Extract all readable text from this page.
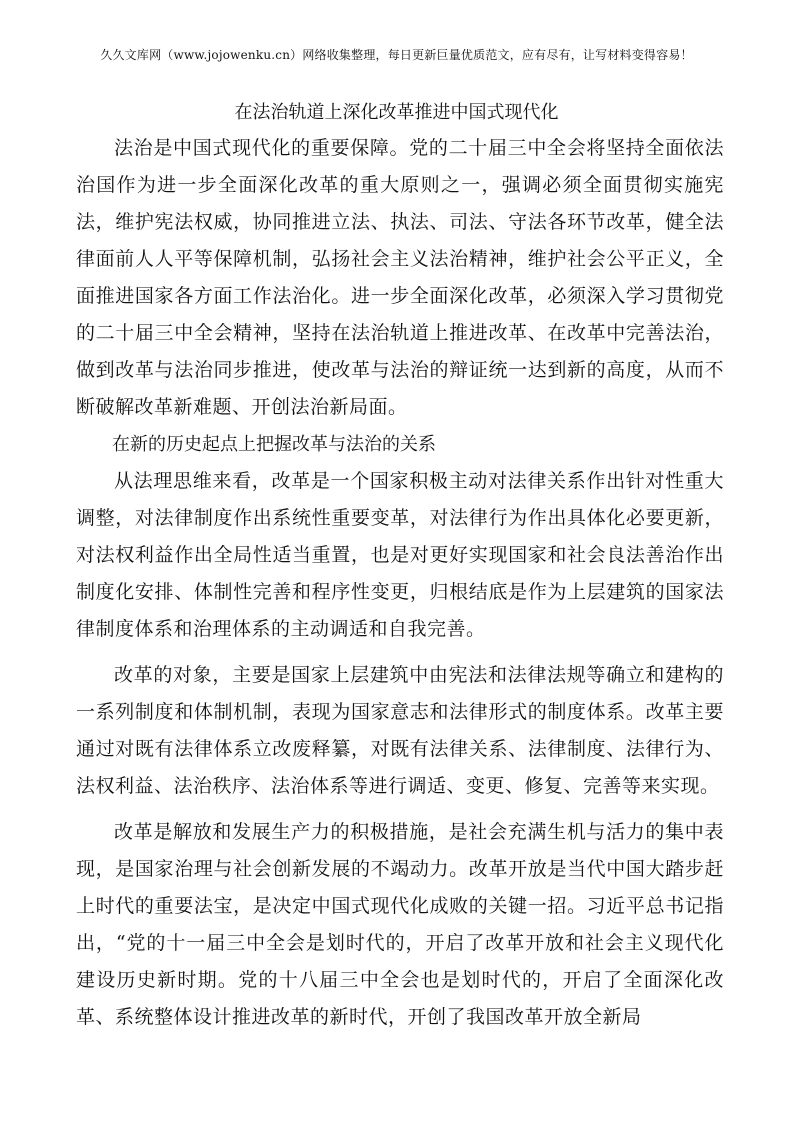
久久文库网（www.jojowenku.cn）网络收集整理，每日更新巨量优质范文，应有尽有，让写材料变得容易！
在法治轨道上深化改革推进中国式现代化

法治是中国式现代化的重要保障。党的二十届三中全会将坚持全面依法治国作为进一步全面深化改革的重大原则之一，强调必须全面贯彻实施宪法，维护宪法权威，协同推进立法、执法、司法、守法各环节改革，健全法律面前人人平等保障机制，弘扬社会主义法治精神，维护社会公平正义，全面推进国家各方面工作法治化。进一步全面深化改革，必须深入学习贯彻党的二十届三中全会精神，坚持在法治轨道上推进改革、在改革中完善法治，做到改革与法治同步推进，使改革与法治的辩证统一达到新的高度，从而不断破解改革新难题、开创法治新局面。

在新的历史起点上把握改革与法治的关系

从法理思维来看，改革是一个国家积极主动对法律关系作出针对性重大调整，对法律制度作出系统性重要变革，对法律行为作出具体化必要更新，对法权利益作出全局性适当重置，也是对更好实现国家和社会良法善治作出制度化安排、体制性完善和程序性变更，归根结底是作为上层建筑的国家法律制度体系和治理体系的主动调适和自我完善。

改革的对象，主要是国家上层建筑中由宪法和法律法规等确立和建构的一系列制度和体制机制，表现为国家意志和法律形式的制度体系。改革主要通过对既有法律体系立改废释纂，对既有法律关系、法律制度、法律行为、法权利益、法治秩序、法治体系等进行调适、变更、修复、完善等来实现。

改革是解放和发展生产力的积极措施，是社会充满生机与活力的集中表现，是国家治理与社会创新发展的不竭动力。改革开放是当代中国大踏步赶上时代的重要法宝，是决定中国式现代化成败的关键一招。习近平总书记指出，“党的十一届三中全会是划时代的，开启了改革开放和社会主义现代化建设历史新时期。党的十八届三中全会也是划时代的，开启了全面深化改革、系统整体设计推进改革的新时代，开创了我国改革开放全新局
